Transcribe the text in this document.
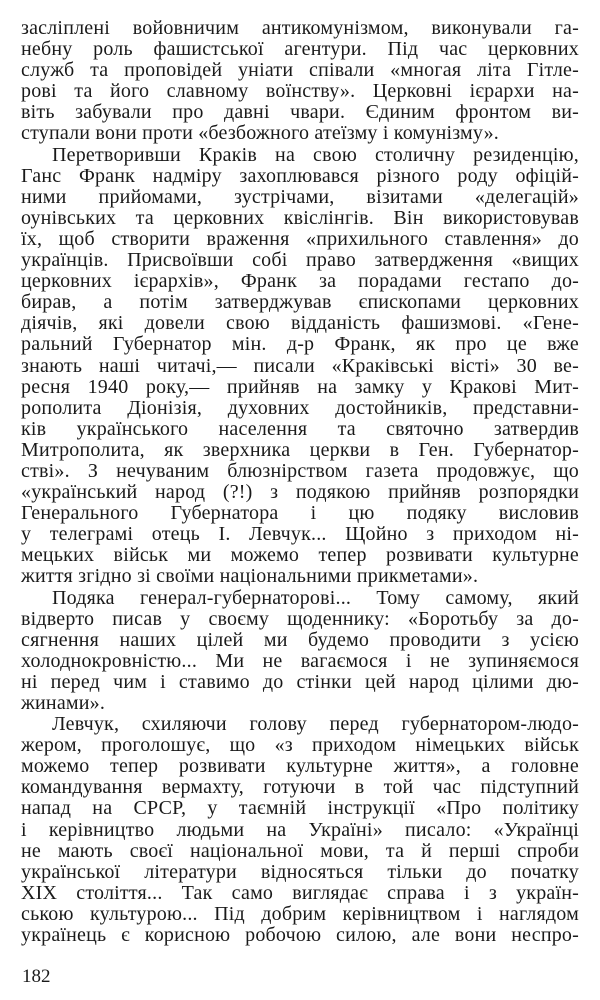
засліплені войовничим антикомунізмом, виконували га-
небну роль фашистської агентури. Під час церковних
служб та проповідей уніати співали «многая літа Гітле-
рові та його славному воїнству». Церковні ієрархи на-
віть забували про давні чвари. Єдиним фронтом ви-
ступали вони проти «безбожного атеїзму і комунізму».
Перетворивши Краків на свою столичну резиденцію,
Ганс Франк надміру захоплювався різного роду офіцій-
ними прийомами, зустрічами, візитами «делегацій»
оунівських та церковних квіслінгів. Він використовував
їх, щоб створити враження «прихильного ставлення» до
українців. Присвоївши собі право затвердження «вищих
церковних ієрархів», Франк за порадами гестапо до-
бирав, а потім затверджував єпископами церковних
діячів, які довели свою відданість фашизмові. «Гене-
ральний Губернатор мін. д-р Франк, як про це вже
знають наші читачі,— писали «Краківські вісті» 30 ве-
ресня 1940 року,— прийняв на замку у Кракові Мит-
рополита Діонізія, духовних достойників, представни-
ків українського населення та святочно затвердив
Митрополита, як зверхника церкви в Ген. Губернатор-
стві». З нечуваним блюзнірством газета продовжує, що
«український народ (?!) з подякою прийняв розпорядки
Генерального Губернатора і цю подяку висловив
у телеграмі отець І. Левчук... Щойно з приходом ні-
мецьких військ ми можемо тепер розвивати культурне
життя згідно зі своїми національними прикметами».
Подяка генерал-губернаторові... Тому самому, який
відверто писав у своєму щоденнику: «Боротьбу за до-
сягнення наших цілей ми будемо проводити з усією
холоднокровністю... Ми не вагаємося і не зупиняємося
ні перед чим і ставимо до стінки цей народ цілими дю-
жинами».
Левчук, схиляючи голову перед губернатором-людо-
жером, проголошує, що «з приходом німецьких військ
можемо тепер розвивати культурне життя», а головне
командування вермахту, готуючи в той час підступний
напад на СРСР, у таємній інструкції «Про політику
і керівництво людьми на Україні» писало: «Українці
не мають своєї національної мови, та й перші спроби
української літератури відносяться тільки до початку
XIX століття... Так само виглядає справа і з україн-
ською культурою... Під добрим керівництвом і наглядом
українець є корисною робочою силою, але вони неспро-
182
